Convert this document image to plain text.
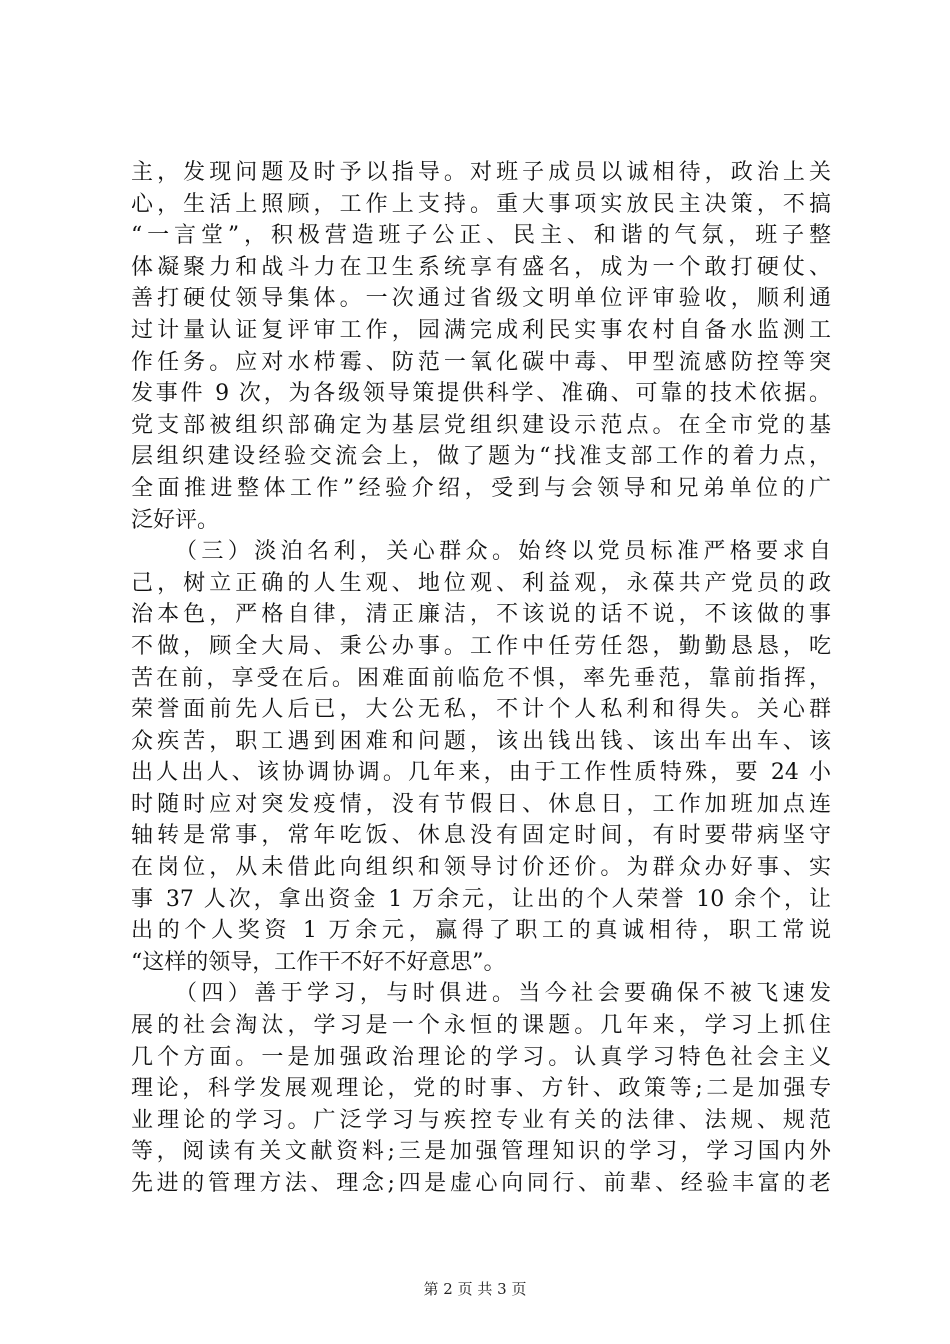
主，发现问题及时予以指导。对班子成员以诚相待，政治上关
心，生活上照顾，工作上支持。重大事项实放民主决策，不搞
“一言堂”，积极营造班子公正、民主、和谐的气氛，班子整
体凝聚力和战斗力在卫生系统享有盛名，成为一个敢打硬仗、
善打硬仗领导集体。一次通过省级文明单位评审验收，顺利通
过计量认证复评审工作，园满完成利民实事农村自备水监测工
作任务。应对水栉霉、防范一氧化碳中毒、甲型流感防控等突
发事件 9 次，为各级领导策提供科学、准确、可靠的技术依据。
党支部被组织部确定为基层党组织建设示范点。在全市党的基
层组织建设经验交流会上，做了题为“找准支部工作的着力点，
全面推进整体工作”经验介绍，受到与会领导和兄弟单位的广
泛好评。
（三）淡泊名利，关心群众。始终以党员标准严格要求自
己，树立正确的人生观、地位观、利益观，永葆共产党员的政
治本色，严格自律，清正廉洁，不该说的话不说，不该做的事
不做，顾全大局、秉公办事。工作中任劳任怨，勤勤恳恳，吃
苦在前，享受在后。困难面前临危不惧，率先垂范，靠前指挥，
荣誉面前先人后已，大公无私，不计个人私利和得失。关心群
众疾苦，职工遇到困难和问题，该出钱出钱、该出车出车、该
出人出人、该协调协调。几年来，由于工作性质特殊，要 24 小
时随时应对突发疫情，没有节假日、休息日，工作加班加点连
轴转是常事，常年吃饭、休息没有固定时间，有时要带病坚守
在岗位，从未借此向组织和领导讨价还价。为群众办好事、实
事 37 人次，拿出资金 1 万余元，让出的个人荣誉 10 余个，让
出的个人奖资 1 万余元，赢得了职工的真诚相待，职工常说
“这样的领导，工作干不好不好意思”。
（四）善于学习，与时俱进。当今社会要确保不被飞速发
展的社会淘汰，学习是一个永恒的课题。几年来，学习上抓住
几个方面。一是加强政治理论的学习。认真学习特色社会主义
理论，科学发展观理论，党的时事、方针、政策等;二是加强专
业理论的学习。广泛学习与疾控专业有关的法律、法规、规范
等，阅读有关文献资料;三是加强管理知识的学习，学习国内外
先进的管理方法、理念;四是虚心向同行、前辈、经验丰富的老
第 2 页 共 3 页
